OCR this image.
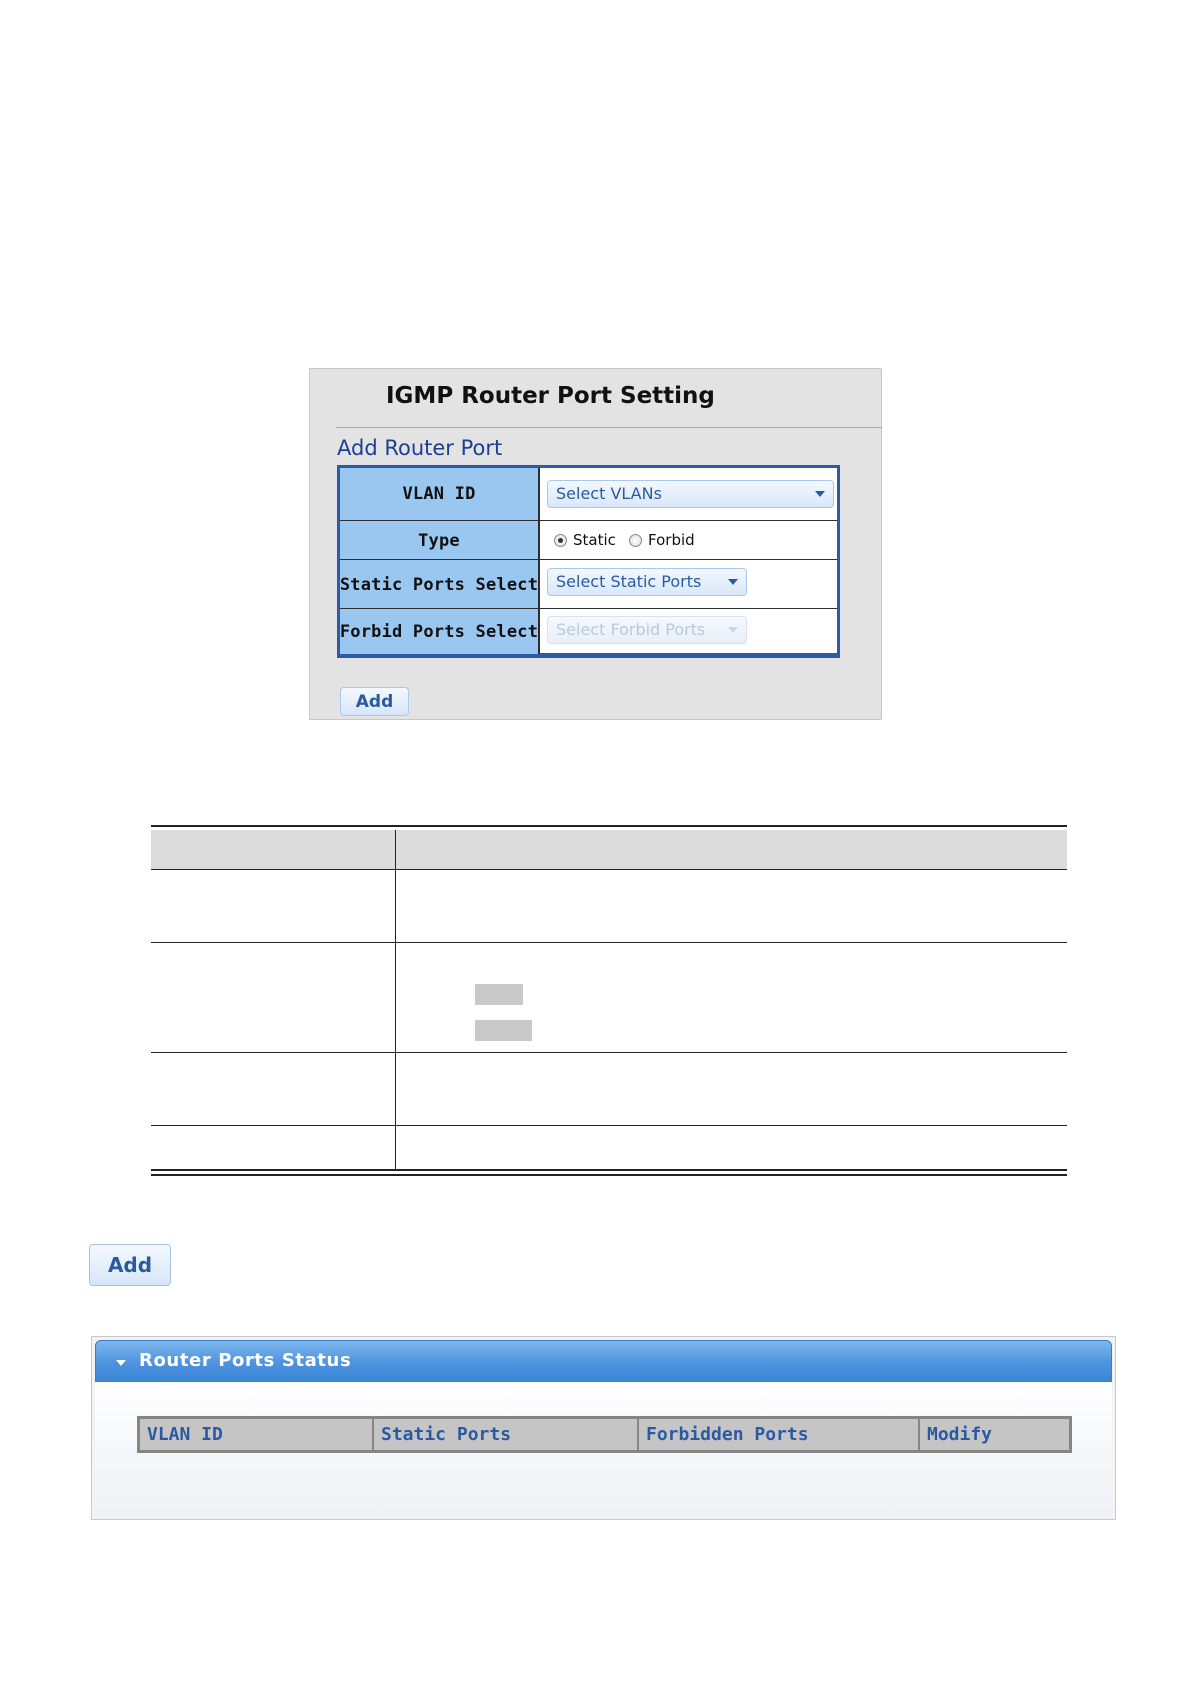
IGMP Router Port Setting
Add Router Port
VLAN ID	Select VLANs
Type	Static Forbid
Static Ports Select	Select Static Ports
Forbid Ports Select	Select Forbid Ports
Add
Add
Router Ports Status
VLAN ID	Static Ports	Forbidden Ports	Modify
